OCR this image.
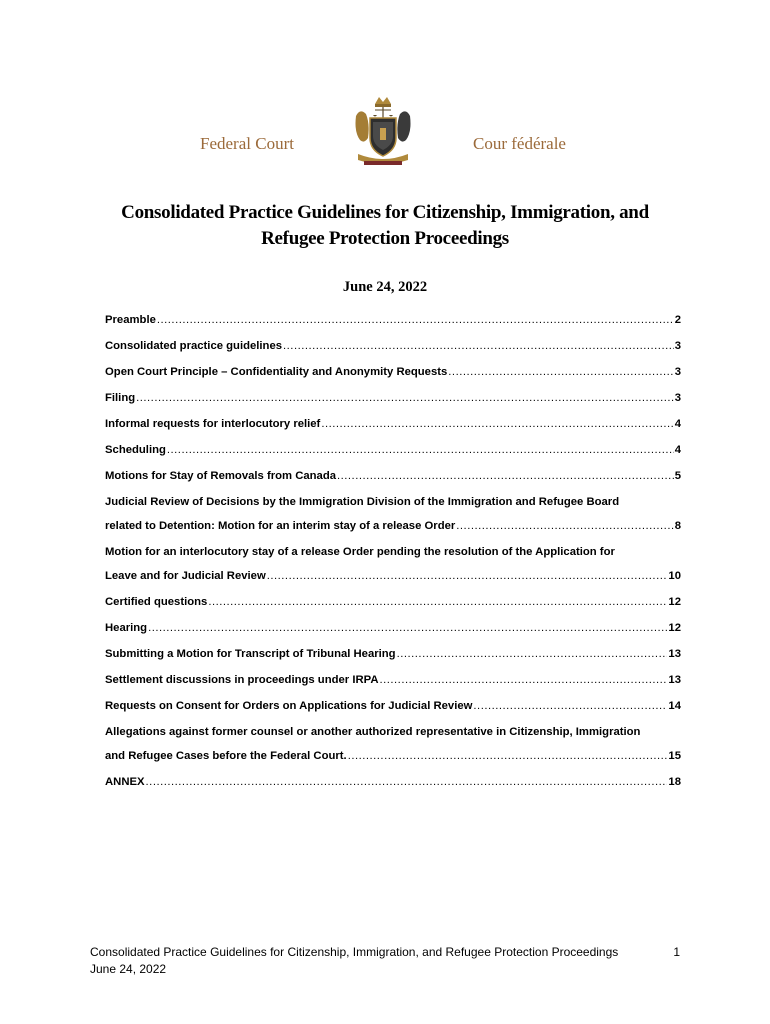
Federal Court	Cour fédérale
Consolidated Practice Guidelines for Citizenship, Immigration, and
Refugee Protection Proceedings
June 24, 2022
Preamble .....	2
Consolidated practice guidelines .....	3
Open Court Principle – Confidentiality and Anonymity Requests .....	3
Filing .....	3
Informal requests for interlocutory relief .....	4
Scheduling .....	4
Motions for Stay of Removals from Canada .....	5
Judicial Review of Decisions by the Immigration Division of the Immigration and Refugee Board
related to Detention: Motion for an interim stay of a release Order .....	8
Motion for an interlocutory stay of a release Order pending the resolution of the Application for
Leave and for Judicial Review .....	10
Certified questions .....	12
Hearing .....	12
Submitting a Motion for Transcript of Tribunal Hearing .....	13
Settlement discussions in proceedings under IRPA .....	13
Requests on Consent for Orders on Applications for Judicial Review .....	14
Allegations against former counsel or another authorized representative in Citizenship, Immigration
and Refugee Cases before the Federal Court. .....	15
ANNEX .....	18
Consolidated Practice Guidelines for Citizenship, Immigration, and Refugee Protection Proceedings	1
June 24, 2022
